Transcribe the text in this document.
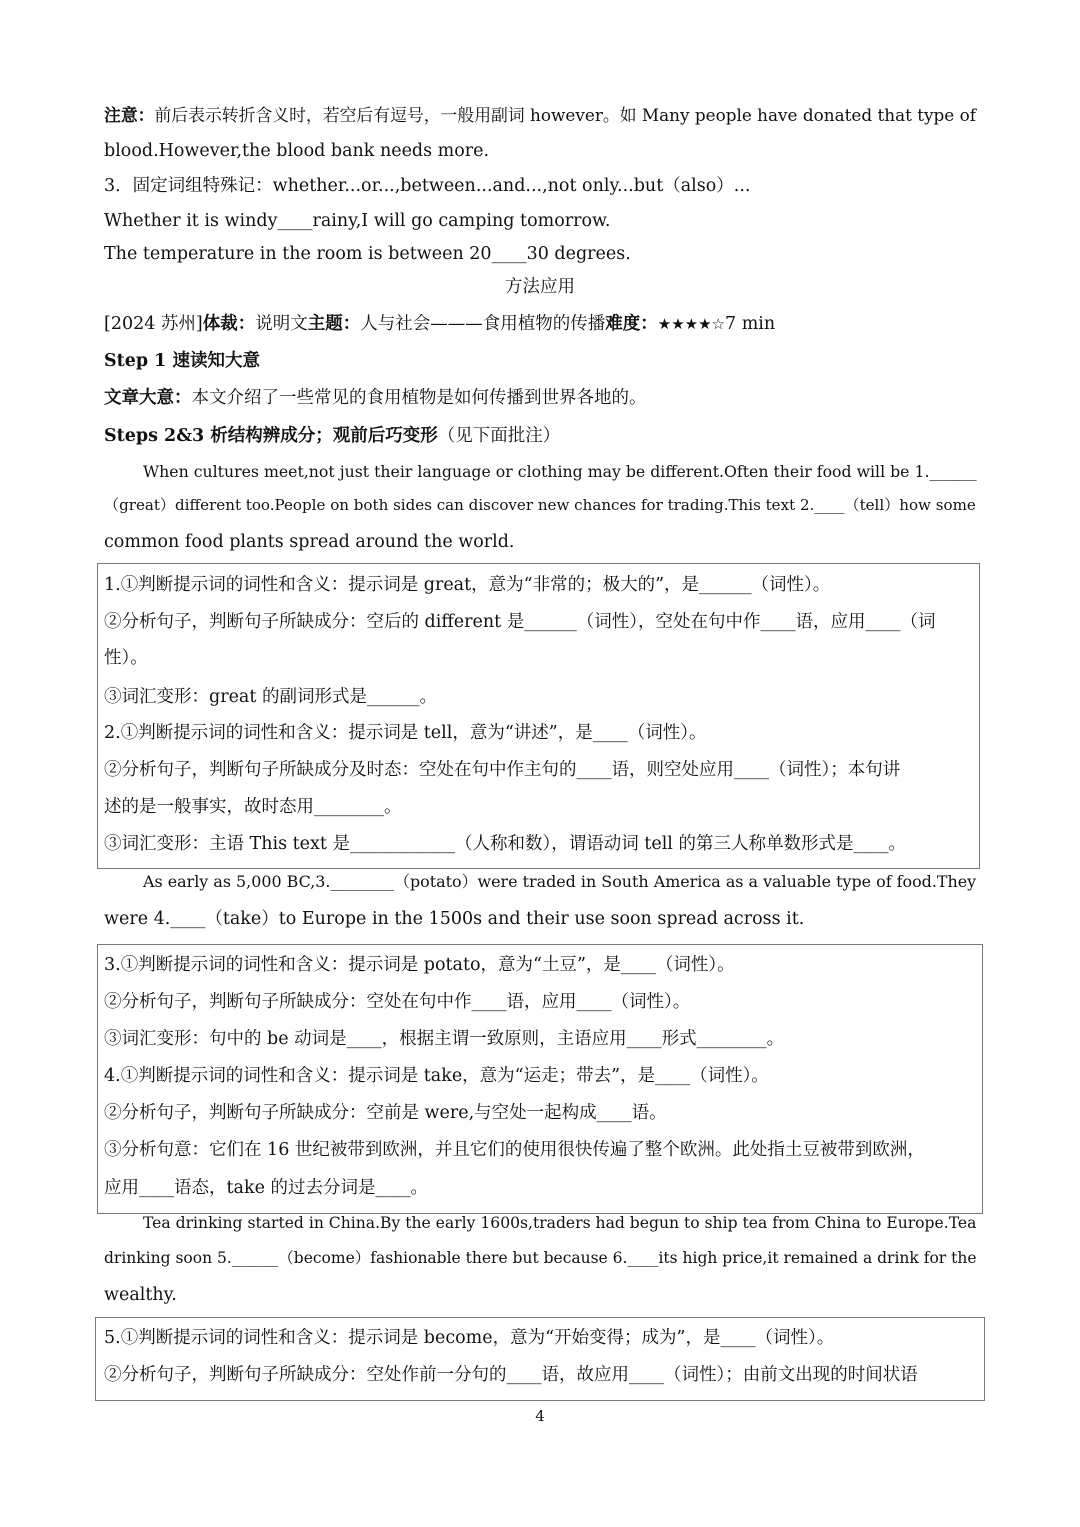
注意：前后表示转折含义时，若空后有逗号，一般用副词 however。如 Many people have donated that type of
blood.However,the blood bank needs more.
3．固定词组特殊记：whether...or...,between...and...,not only...but（also）...
Whether it is windy____rainy,I will go camping tomorrow.
The temperature in the room is between 20____30 degrees.
方法应用
[2024 苏州]体裁：说明文主题：人与社会———食用植物的传播难度：★★★★☆7 min
Step 1 速读知大意
文章大意：本文介绍了一些常见的食用植物是如何传播到世界各地的。
Steps 2&3 析结构辨成分；观前后巧变形（见下面批注）
When cultures meet,not just their language or clothing may be different.Often their food will be 1.______
（great）different too.People on both sides can discover new chances for trading.This text 2.____（tell）how some
common food plants spread around the world.
1.①判断提示词的词性和含义：提示词是 great，意为“非常的；极大的”，是______（词性）。
②分析句子，判断句子所缺成分：空后的 different 是______（词性），空处在句中作____语，应用____（词
性）。
③词汇变形：great 的副词形式是______。
2.①判断提示词的词性和含义：提示词是 tell，意为“讲述”，是____（词性）。
②分析句子，判断句子所缺成分及时态：空处在句中作主句的____语，则空处应用____（词性）；本句讲
述的是一般事实，故时态用________。
③词汇变形：主语 This text 是____________（人称和数），谓语动词 tell 的第三人称单数形式是____。
As early as 5,000 BC,3.________（potato）were traded in South America as a valuable type of food.They
were 4.____（take）to Europe in the 1500s and their use soon spread across it.
3.①判断提示词的词性和含义：提示词是 potato，意为“土豆”，是____（词性）。
②分析句子，判断句子所缺成分：空处在句中作____语，应用____（词性）。
③词汇变形：句中的 be 动词是____，根据主谓一致原则，主语应用____形式________。
4.①判断提示词的词性和含义：提示词是 take，意为“运走；带去”，是____（词性）。
②分析句子，判断句子所缺成分：空前是 were,与空处一起构成____语。
③分析句意：它们在 16 世纪被带到欧洲，并且它们的使用很快传遍了整个欧洲。此处指土豆被带到欧洲，
应用____语态，take 的过去分词是____。
Tea drinking started in China.By the early 1600s,traders had begun to ship tea from China to Europe.Tea
drinking soon 5.______（become）fashionable there but because 6.____its high price,it remained a drink for the
wealthy.
5.①判断提示词的词性和含义：提示词是 become，意为“开始变得；成为”，是____（词性）。
②分析句子，判断句子所缺成分：空处作前一分句的____语，故应用____（词性）；由前文出现的时间状语
4
